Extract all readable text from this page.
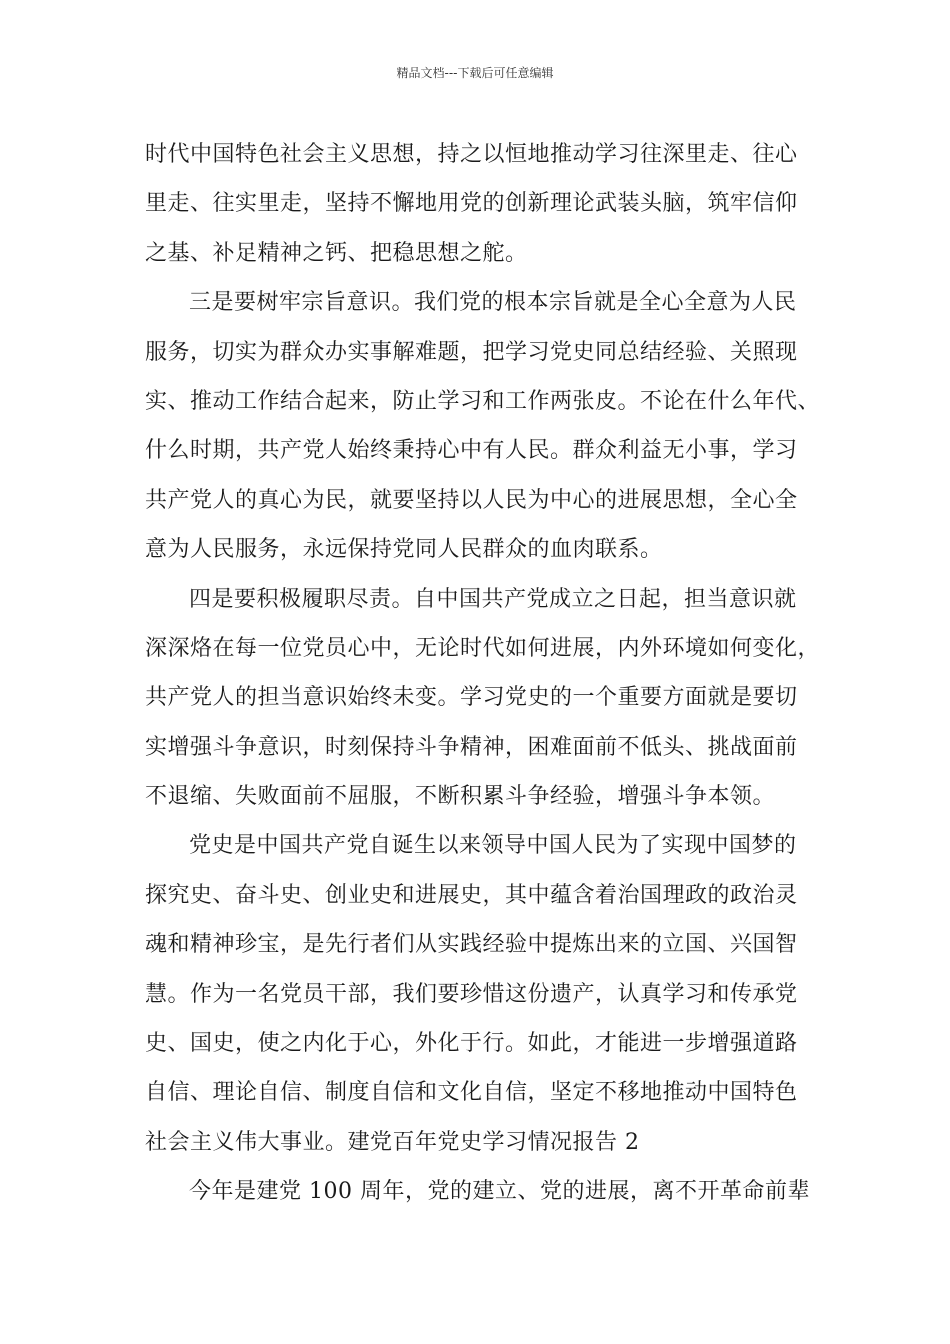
精品文档---下载后可任意编辑
时代中国特色社会主义思想，持之以恒地推动学习往深里走、往心
里走、往实里走，坚持不懈地用党的创新理论武装头脑，筑牢信仰
之基、补足精神之钙、把稳思想之舵。
三是要树牢宗旨意识。我们党的根本宗旨就是全心全意为人民
服务，切实为群众办实事解难题，把学习党史同总结经验、关照现
实、推动工作结合起来，防止学习和工作两张皮。不论在什么年代、
什么时期，共产党人始终秉持心中有人民。群众利益无小事，学习
共产党人的真心为民，就要坚持以人民为中心的进展思想，全心全
意为人民服务，永远保持党同人民群众的血肉联系。
四是要积极履职尽责。自中国共产党成立之日起，担当意识就
深深烙在每一位党员心中，无论时代如何进展，内外环境如何变化，
共产党人的担当意识始终未变。学习党史的一个重要方面就是要切
实增强斗争意识，时刻保持斗争精神，困难面前不低头、挑战面前
不退缩、失败面前不屈服，不断积累斗争经验，增强斗争本领。
党史是中国共产党自诞生以来领导中国人民为了实现中国梦的
探究史、奋斗史、创业史和进展史，其中蕴含着治国理政的政治灵
魂和精神珍宝，是先行者们从实践经验中提炼出来的立国、兴国智
慧。作为一名党员干部，我们要珍惜这份遗产，认真学习和传承党
史、国史，使之内化于心，外化于行。如此，才能进一步增强道路
自信、理论自信、制度自信和文化自信，坚定不移地推动中国特色
社会主义伟大事业。建党百年党史学习情况报告 2
今年是建党 100 周年，党的建立、党的进展，离不开革命前辈
